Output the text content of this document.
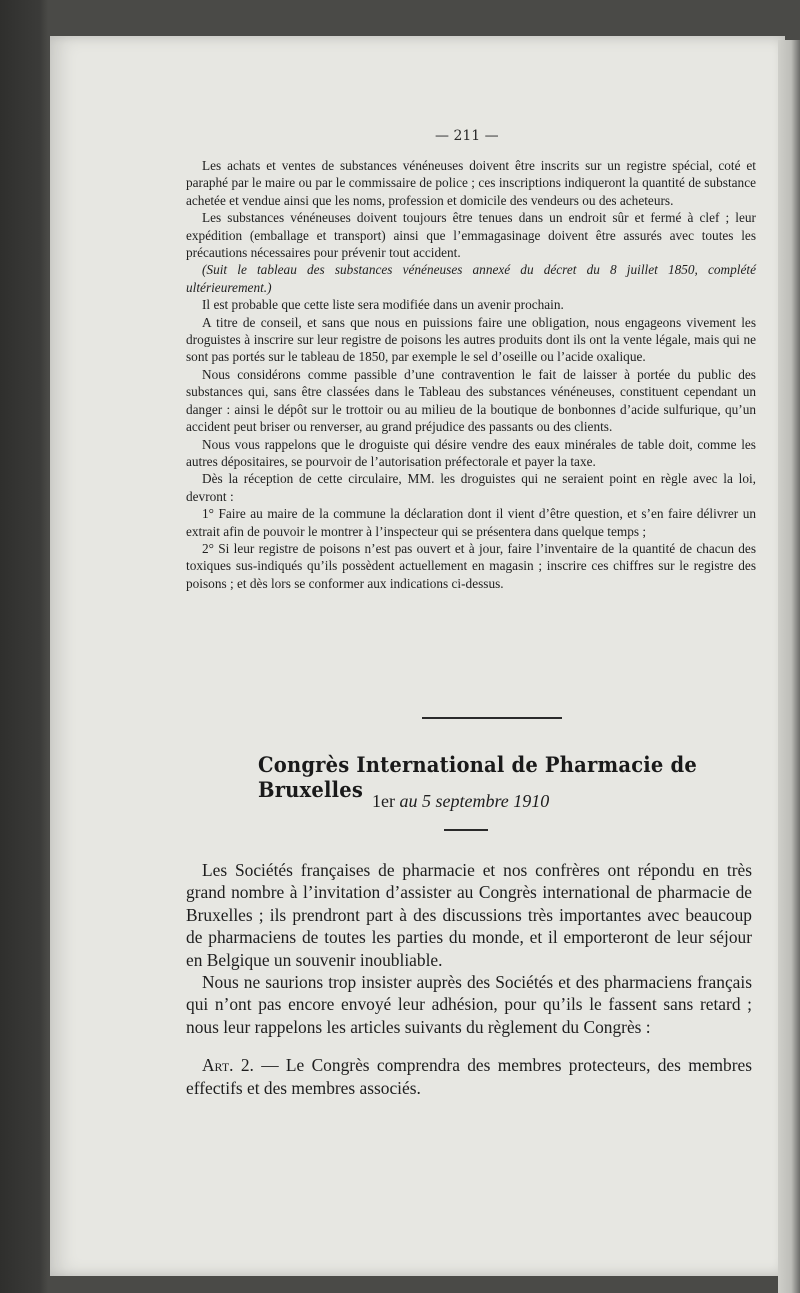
— 211 —

Les achats et ventes de substances vénéneuses doivent être inscrits sur un registre spécial, coté et paraphé par le maire ou par le commissaire de police ; ces inscriptions indiqueront la quantité de substance achetée et vendue ainsi que les noms, profession et domicile des vendeurs ou des acheteurs.

Les substances vénéneuses doivent toujours être tenues dans un endroit sûr et fermé à clef ; leur expédition (emballage et transport) ainsi que l’emmagasinage doivent être assurés avec toutes les précautions nécessaires pour prévenir tout accident.

(Suit le tableau des substances vénéneuses annexé du décret du 8 juillet 1850, complété ultérieurement.)

Il est probable que cette liste sera modifiée dans un avenir prochain.

A titre de conseil, et sans que nous en puissions faire une obligation, nous engageons vivement les droguistes à inscrire sur leur registre de poisons les autres produits dont ils ont la vente légale, mais qui ne sont pas portés sur le tableau de 1850, par exemple le sel d’oseille ou l’acide oxalique.

Nous considérons comme passible d’une contravention le fait de laisser à portée du public des substances qui, sans être classées dans le Tableau des substances vénéneuses, constituent cependant un danger : ainsi le dépôt sur le trottoir ou au milieu de la boutique de bonbonnes d’acide sulfurique, qu’un accident peut briser ou renverser, au grand préjudice des passants ou des clients.

Nous vous rappelons que le droguiste qui désire vendre des eaux minérales de table doit, comme les autres dépositaires, se pourvoir de l’autorisation préfectorale et payer la taxe.

Dès la réception de cette circulaire, MM. les droguistes qui ne seraient point en règle avec la loi, devront :

1° Faire au maire de la commune la déclaration dont il vient d’être question, et s’en faire délivrer un extrait afin de pouvoir le montrer à l’inspecteur qui se présentera dans quelque temps ;

2° Si leur registre de poisons n’est pas ouvert et à jour, faire l’inventaire de la quantité de chacun des toxiques sus-indiqués qu’ils possèdent actuellement en magasin ; inscrire ces chiffres sur le registre des poisons ; et dès lors se conformer aux indications ci-dessus.

Congrès International de Pharmacie de Bruxelles 1er au 5 septembre 1910

Les Sociétés françaises de pharmacie et nos confrères ont répondu en très grand nombre à l’invitation d’assister au Congrès international de pharmacie de Bruxelles ; ils prendront part à des discussions très importantes avec beaucoup de pharmaciens de toutes les parties du monde, et il emporteront de leur séjour en Belgique un souvenir inoubliable.

Nous ne saurions trop insister auprès des Sociétés et des pharmaciens français qui n’ont pas encore envoyé leur adhésion, pour qu’ils le fassent sans retard ; nous leur rappelons les articles suivants du règlement du Congrès :

Art. 2. — Le Congrès comprendra des membres protecteurs, des membres effectifs et des membres associés.
